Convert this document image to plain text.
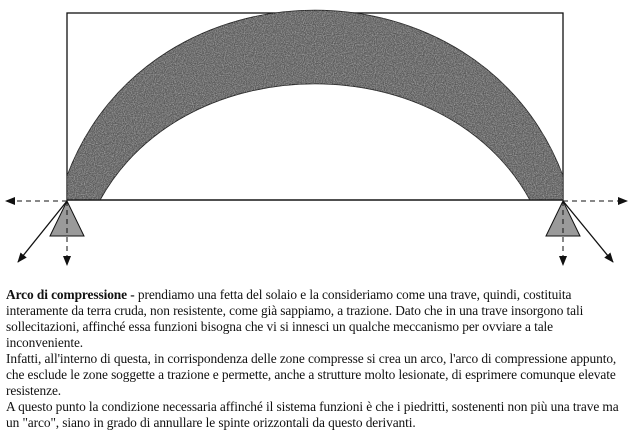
Arco di compressione - prendiamo una fetta del solaio e la consideriamo come una trave, quindi, costituita interamente da terra cruda, non resistente, come già sappiamo, a trazione. Dato che in una trave insorgono tali sollecitazioni, affinché essa funzioni bisogna che vi si innesci un qualche meccanismo per ovviare a tale inconveniente.

Infatti, all'interno di questa, in corrispondenza delle zone compresse si crea un arco, l'arco di compressione appunto, che esclude le zone soggette a trazione e permette, anche a strutture molto lesionate, di esprimere comunque elevate resistenze.

A questo punto la condizione necessaria affinché il sistema funzioni è che i piedritti, sostenenti non più una trave ma un "arco", siano in grado di annullare le spinte orizzontali da questo derivanti.
